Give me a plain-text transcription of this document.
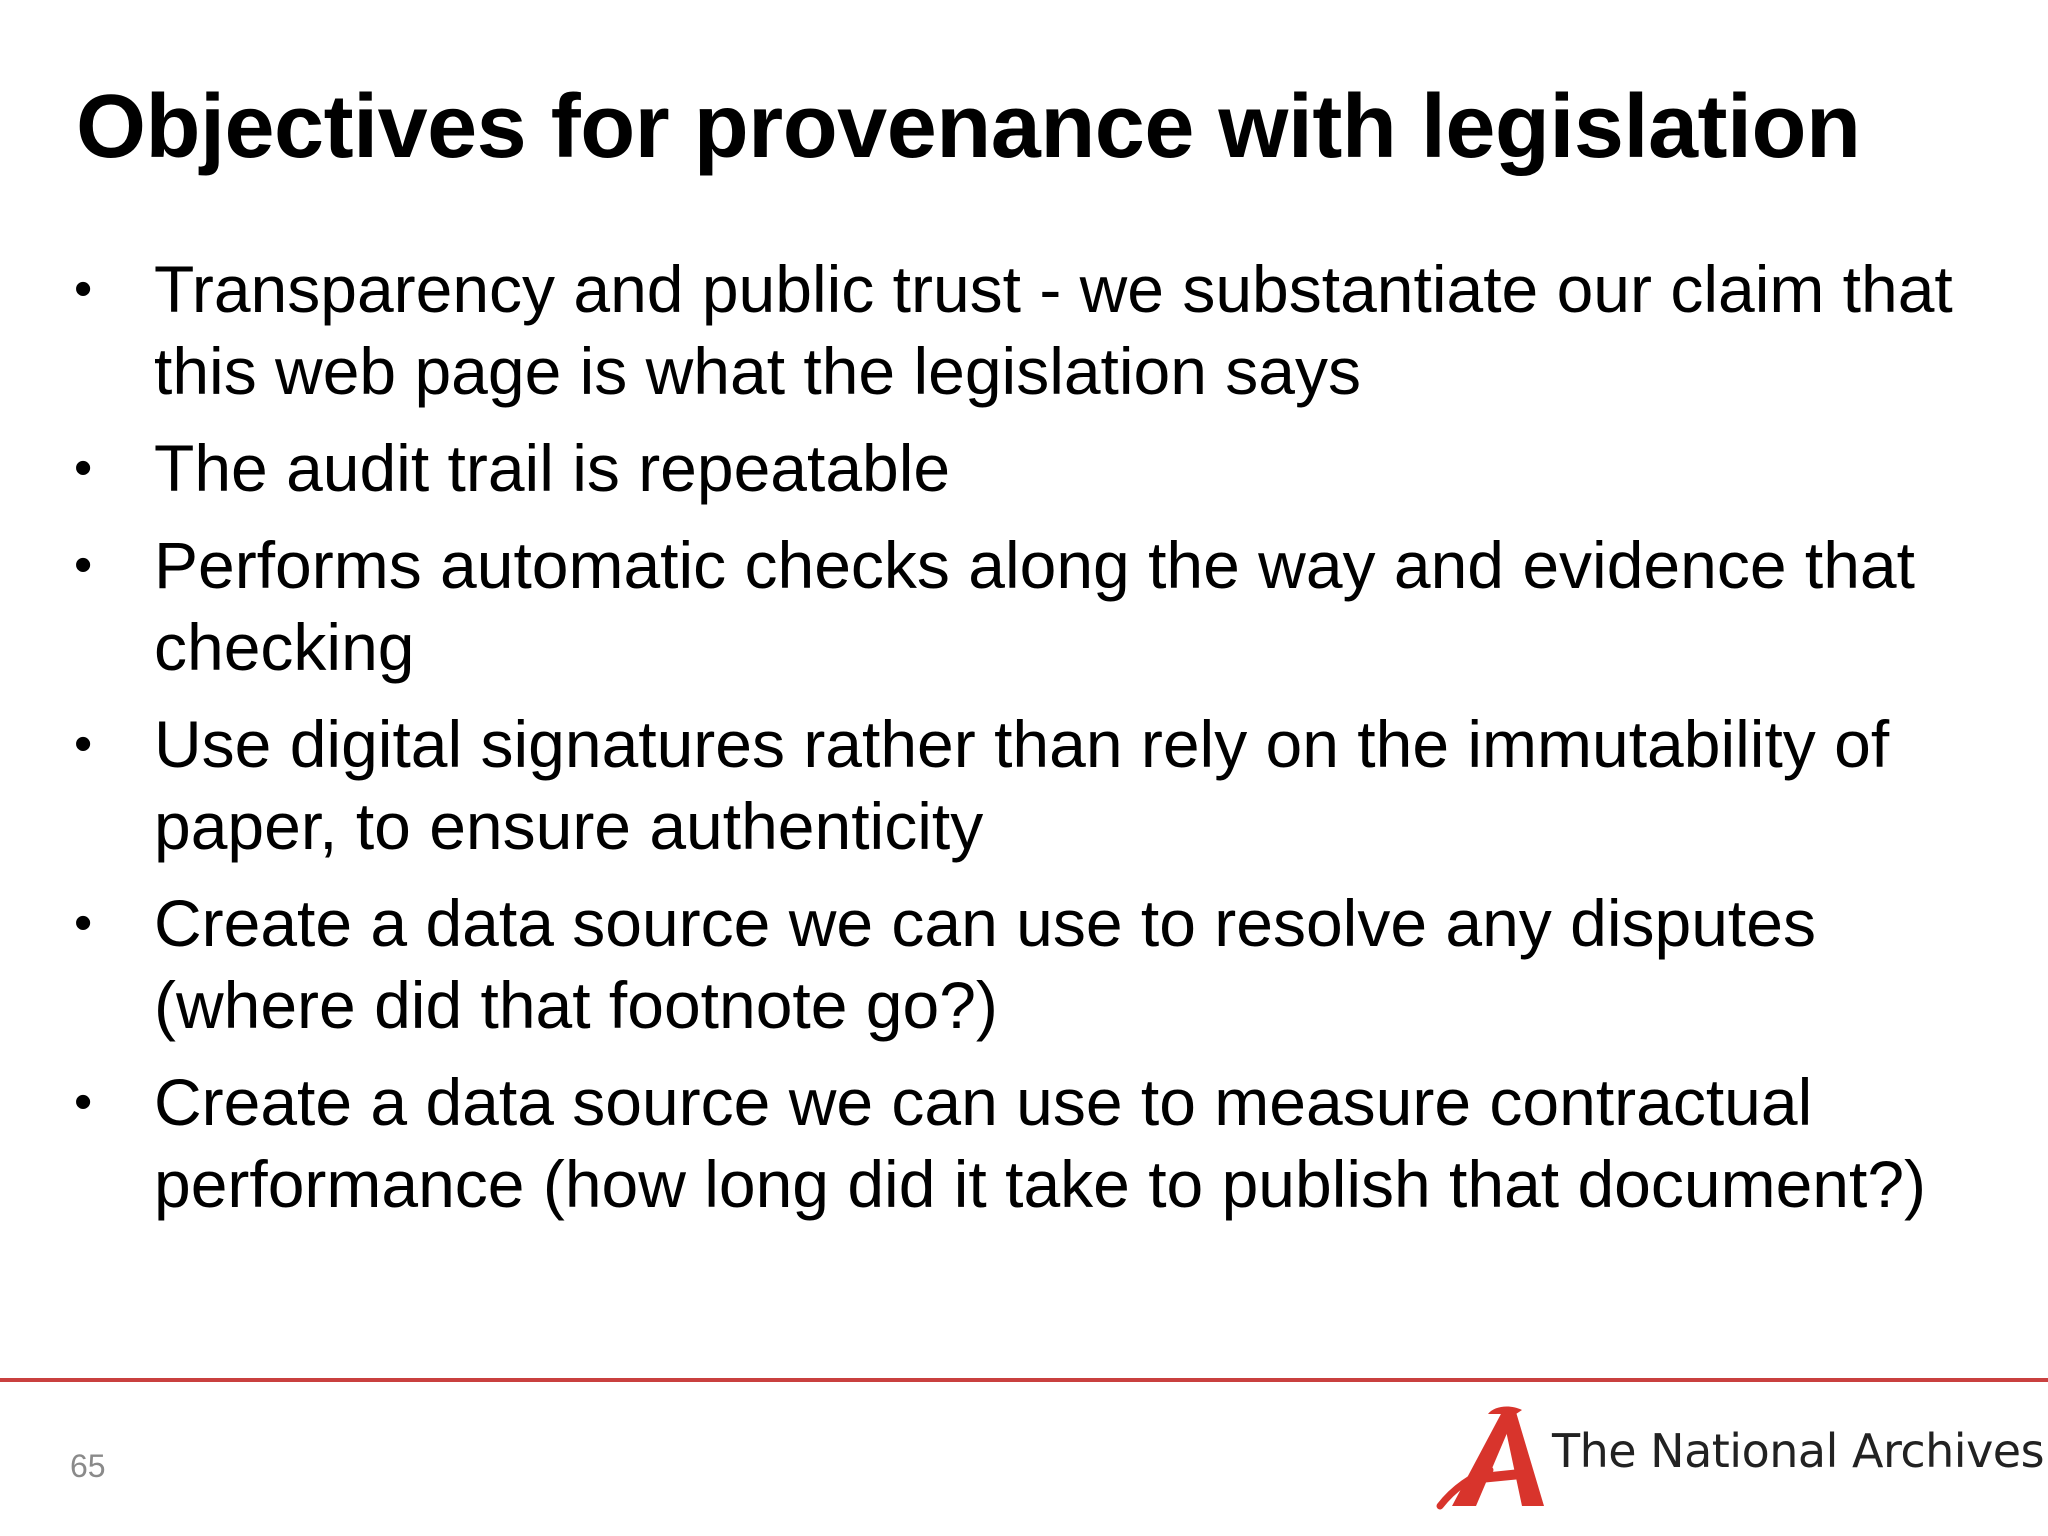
Objectives for provenance with legislation
• Transparency and public trust - we substantiate our claim that this web page is what the legislation says
• The audit trail is repeatable
• Performs automatic checks along the way and evidence that checking
• Use digital signatures rather than rely on the immutability of paper, to ensure authenticity
• Create a data source we can use to resolve any disputes (where did that footnote go?)
• Create a data source we can use to measure contractual performance (how long did it take to publish that document?)
65	The National Archives
